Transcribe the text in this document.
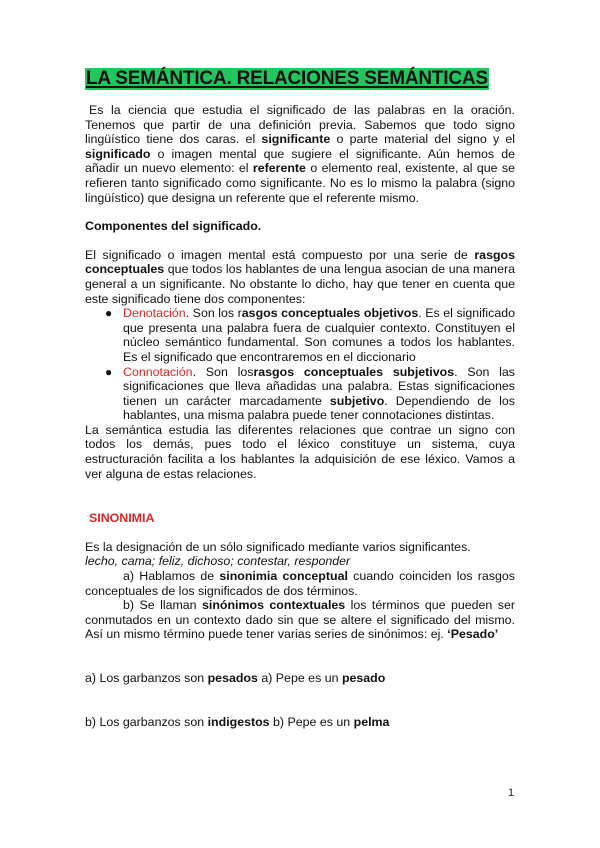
LA SEMÁNTICA. RELACIONES SEMÁNTICAS

Es la ciencia que estudia el significado de las palabras en la oración. Tenemos que partir de una definición previa. Sabemos que todo signo lingüístico tiene dos caras. el significante o parte material del signo y el significado o imagen mental que sugiere el significante. Aún hemos de añadir un nuevo elemento: el referente o elemento real, existente, al que se refieren tanto significado como significante. No es lo mismo la palabra (signo lingüístico) que designa un referente que el referente mismo.

Componentes del significado.

El significado o imagen mental está compuesto por una serie de rasgos conceptuales que todos los hablantes de una lengua asocian de una manera general a un significante. No obstante lo dicho, hay que tener en cuenta que este significado tiene dos componentes:

● Denotación. Son los rasgos conceptuales objetivos. Es el significado que presenta una palabra fuera de cualquier contexto. Constituyen el núcleo semántico fundamental. Son comunes a todos los hablantes. Es el significado que encontraremos en el diccionario
● Connotación. Son losrasgos conceptuales subjetivos. Son las significaciones que lleva añadidas una palabra. Estas significaciones tienen un carácter marcadamente subjetivo. Dependiendo de los hablantes, una misma palabra puede tener connotaciones distintas.

La semántica estudia las diferentes relaciones que contrae un signo con todos los demás, pues todo el léxico constituye un sistema, cuya estructuración facilita a los hablantes la adquisición de ese léxico. Vamos a ver alguna de estas relaciones.

SINONIMIA

Es la designación de un sólo significado mediante varios significantes.

lecho, cama; feliz, dichoso; contestar, responder

a) Hablamos de sinonimia conceptual cuando coinciden los rasgos conceptuales de los significados de dos términos.

b) Se llaman sinónimos contextuales los términos que pueden ser conmutados en un contexto dado sin que se altere el significado del mismo. Así un mismo término puede tener varias series de sinónimos: ej. ‘Pesado’

a) Los garbanzos son pesados a) Pepe es un pesado

b) Los garbanzos son indigestos b) Pepe es un pelma

1
